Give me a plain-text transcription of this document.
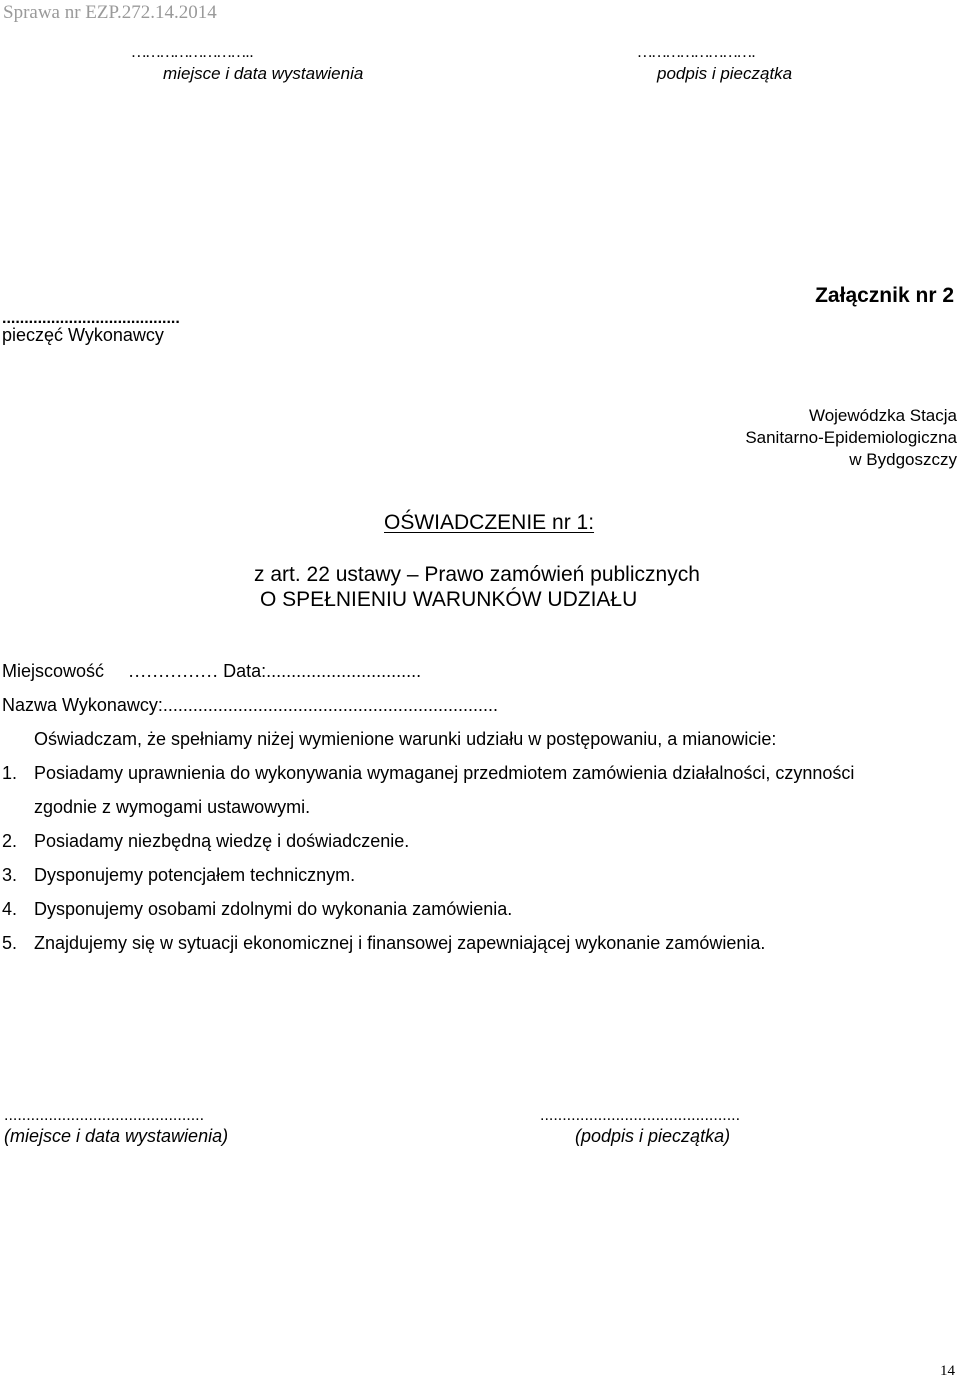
Sprawa nr EZP.272.14.2014
……………………..
miejsce i data wystawienia
…………………….
podpis i pieczątka
Załącznik nr 2
........................................
pieczęć Wykonawcy
Wojewódzka Stacja
Sanitarno-Epidemiologiczna
w Bydgoszczy
OŚWIADCZENIE nr 1:
z art. 22 ustawy – Prawo zamówień publicznych
O SPEŁNIENIU WARUNKÓW UDZIAŁU
Miejscowość …………… Data:...............................
Nazwa Wykonawcy:...................................................................
Oświadczam, że spełniamy niżej wymienione warunki udziału w postępowaniu, a mianowicie:
1. Posiadamy uprawnienia do wykonywania wymaganej przedmiotem zamówienia działalności, czynności
zgodnie z wymogami ustawowymi.
2. Posiadamy niezbędną wiedzę i doświadczenie.
3. Dysponujemy potencjałem technicznym.
4. Dysponujemy osobami zdolnymi do wykonania zamówienia.
5. Znajdujemy się w sytuacji ekonomicznej i finansowej zapewniającej wykonanie zamówienia.
.............................................
(miejsce i data wystawienia)
.............................................
(podpis i pieczątka)
14
